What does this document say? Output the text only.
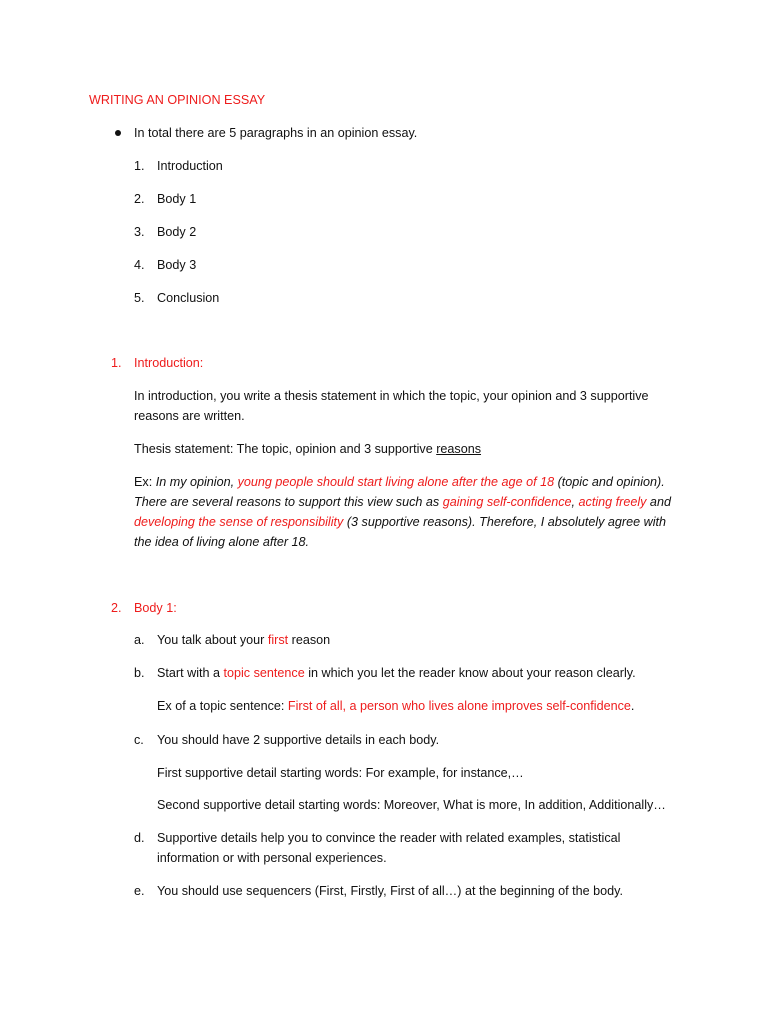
WRITING AN OPINION ESSAY
In total there are 5 paragraphs in an opinion essay.
1. Introduction
2. Body 1
3. Body 2
4. Body 3
5. Conclusion
1. Introduction:
In introduction, you write a thesis statement in which the topic, your opinion and 3 supportive
reasons are written.
Thesis statement: The topic, opinion and 3 supportive reasons
Ex: In my opinion, young people should start living alone after the age of 18 (topic and opinion).
There are several reasons to support this view such as gaining self-confidence, acting freely and
developing the sense of responsibility (3 supportive reasons). Therefore, I absolutely agree with
the idea of living alone after 18.
2. Body 1:
a. You talk about your first reason
b. Start with a topic sentence in which you let the reader know about your reason clearly.
Ex of a topic sentence: First of all, a person who lives alone improves self-confidence.
c. You should have 2 supportive details in each body.
First supportive detail starting words: For example, for instance,…
Second supportive detail starting words: Moreover, What is more, In addition, Additionally…
d. Supportive details help you to convince the reader with related examples, statistical
information or with personal experiences.
e. You should use sequencers (First, Firstly, First of all…) at the beginning of the body.
